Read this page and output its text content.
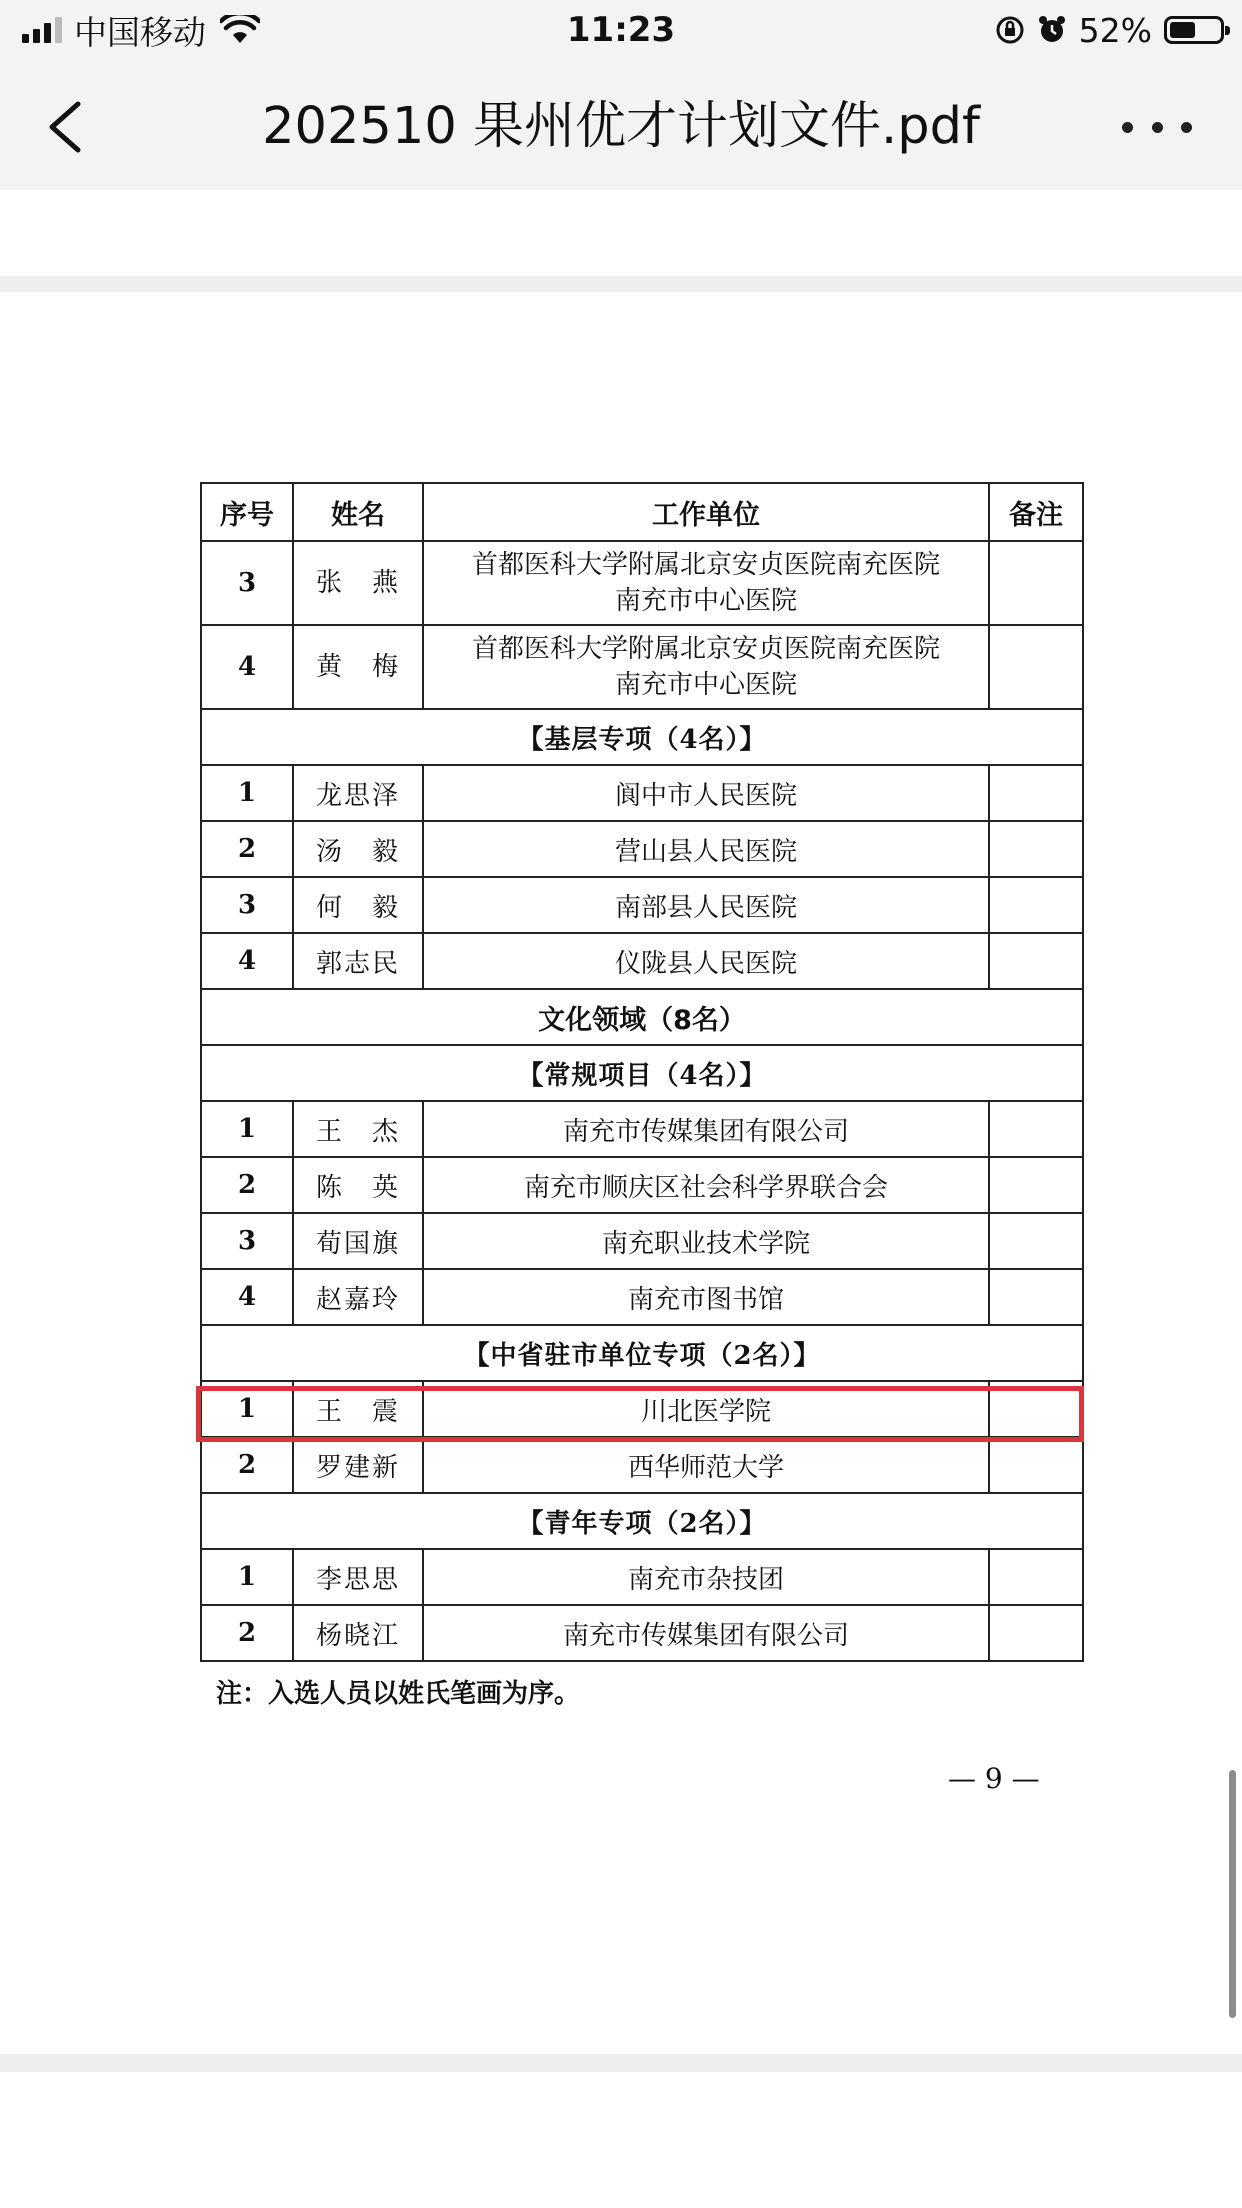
中国移动	11:23	52%
202510 果州优才计划文件.pdf
序号	姓名	工作单位	备注
3	张　燕	首都医科大学附属北京安贞医院南充医院
南充市中心医院	

4	黄　梅	首都医科大学附属北京安贞医院南充医院
南充市中心医院	

【基层专项（4名）】			
1	龙思泽	阆中市人民医院	
2	汤　毅	营山县人民医院	
3	何　毅	南部县人民医院	
4	郭志民	仪陇县人民医院	
文化领域（8名）			
【常规项目（4名）】			
1	王　杰	南充市传媒集团有限公司	
2	陈　英	南充市顺庆区社会科学界联合会	
3	荀国旗	南充职业技术学院	
4	赵嘉玲	南充市图书馆	
【中省驻市单位专项（2名）】			
1	王　震	川北医学院	
2	罗建新	西华师范大学	
【青年专项（2名）】			
1	李思思	南充市杂技团	
2	杨晓江	南充市传媒集团有限公司	
注：入选人员以姓氏笔画为序。
— 9 —
